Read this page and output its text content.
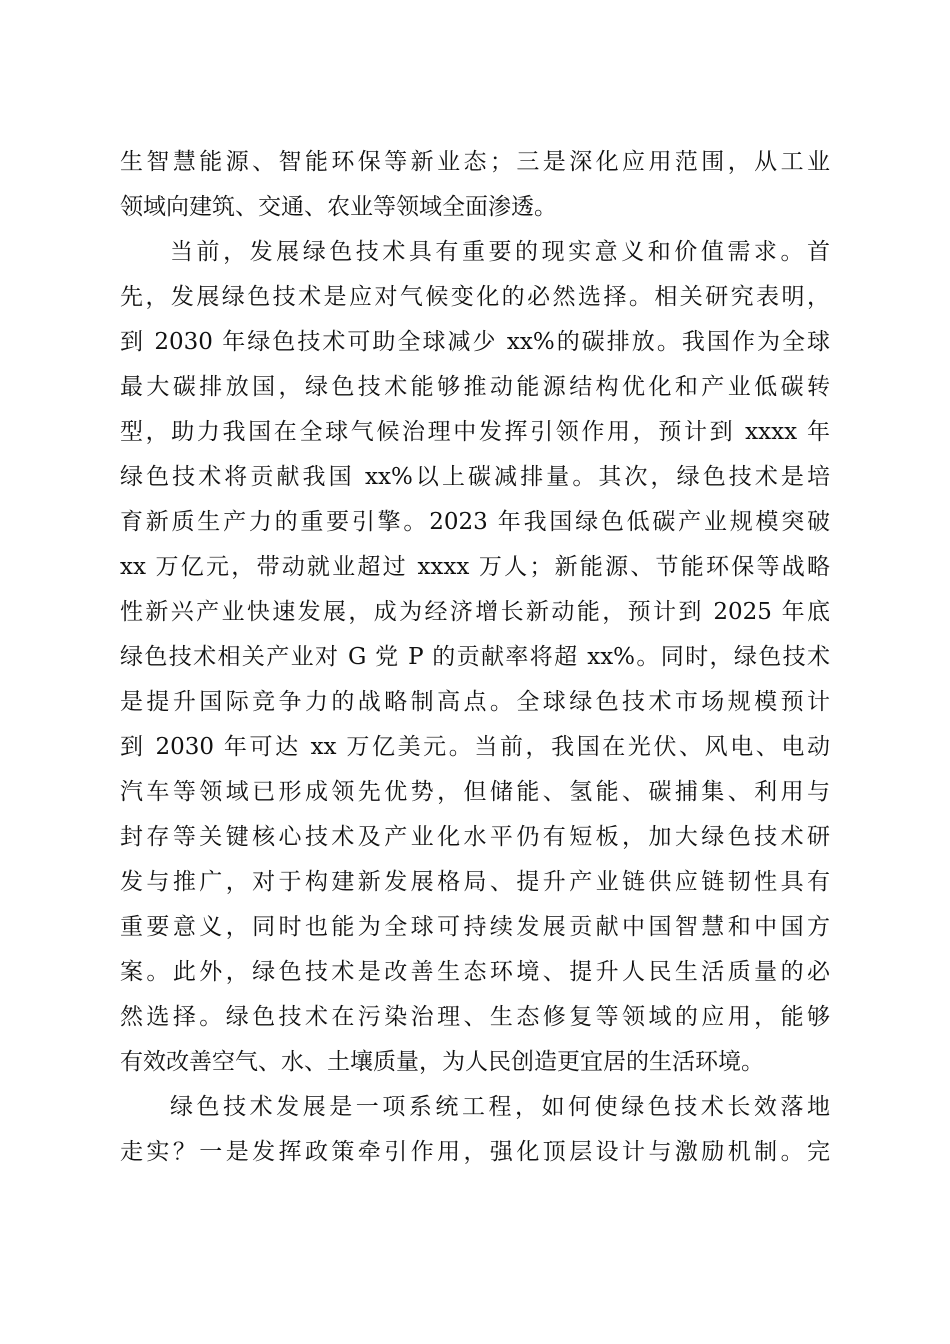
生智慧能源、智能环保等新业态；三是深化应用范围，从工业
领域向建筑、交通、农业等领域全面渗透。
当前，发展绿色技术具有重要的现实意义和价值需求。首
先，发展绿色技术是应对气候变化的必然选择。相关研究表明，
到 2030 年绿色技术可助全球减少 xx%的碳排放。我国作为全球
最大碳排放国，绿色技术能够推动能源结构优化和产业低碳转
型，助力我国在全球气候治理中发挥引领作用，预计到 xxxx 年
绿色技术将贡献我国 xx%以上碳减排量。其次，绿色技术是培
育新质生产力的重要引擎。2023 年我国绿色低碳产业规模突破
xx 万亿元，带动就业超过 xxxx 万人；新能源、节能环保等战略
性新兴产业快速发展，成为经济增长新动能，预计到 2025 年底
绿色技术相关产业对 G 党 P 的贡献率将超 xx%。同时，绿色技术
是提升国际竞争力的战略制高点。全球绿色技术市场规模预计
到 2030 年可达 xx 万亿美元。当前，我国在光伏、风电、电动
汽车等领域已形成领先优势，但储能、氢能、碳捕集、利用与
封存等关键核心技术及产业化水平仍有短板，加大绿色技术研
发与推广，对于构建新发展格局、提升产业链供应链韧性具有
重要意义，同时也能为全球可持续发展贡献中国智慧和中国方
案。此外，绿色技术是改善生态环境、提升人民生活质量的必
然选择。绿色技术在污染治理、生态修复等领域的应用，能够
有效改善空气、水、土壤质量，为人民创造更宜居的生活环境。
绿色技术发展是一项系统工程，如何使绿色技术长效落地
走实？一是发挥政策牵引作用，强化顶层设计与激励机制。完
